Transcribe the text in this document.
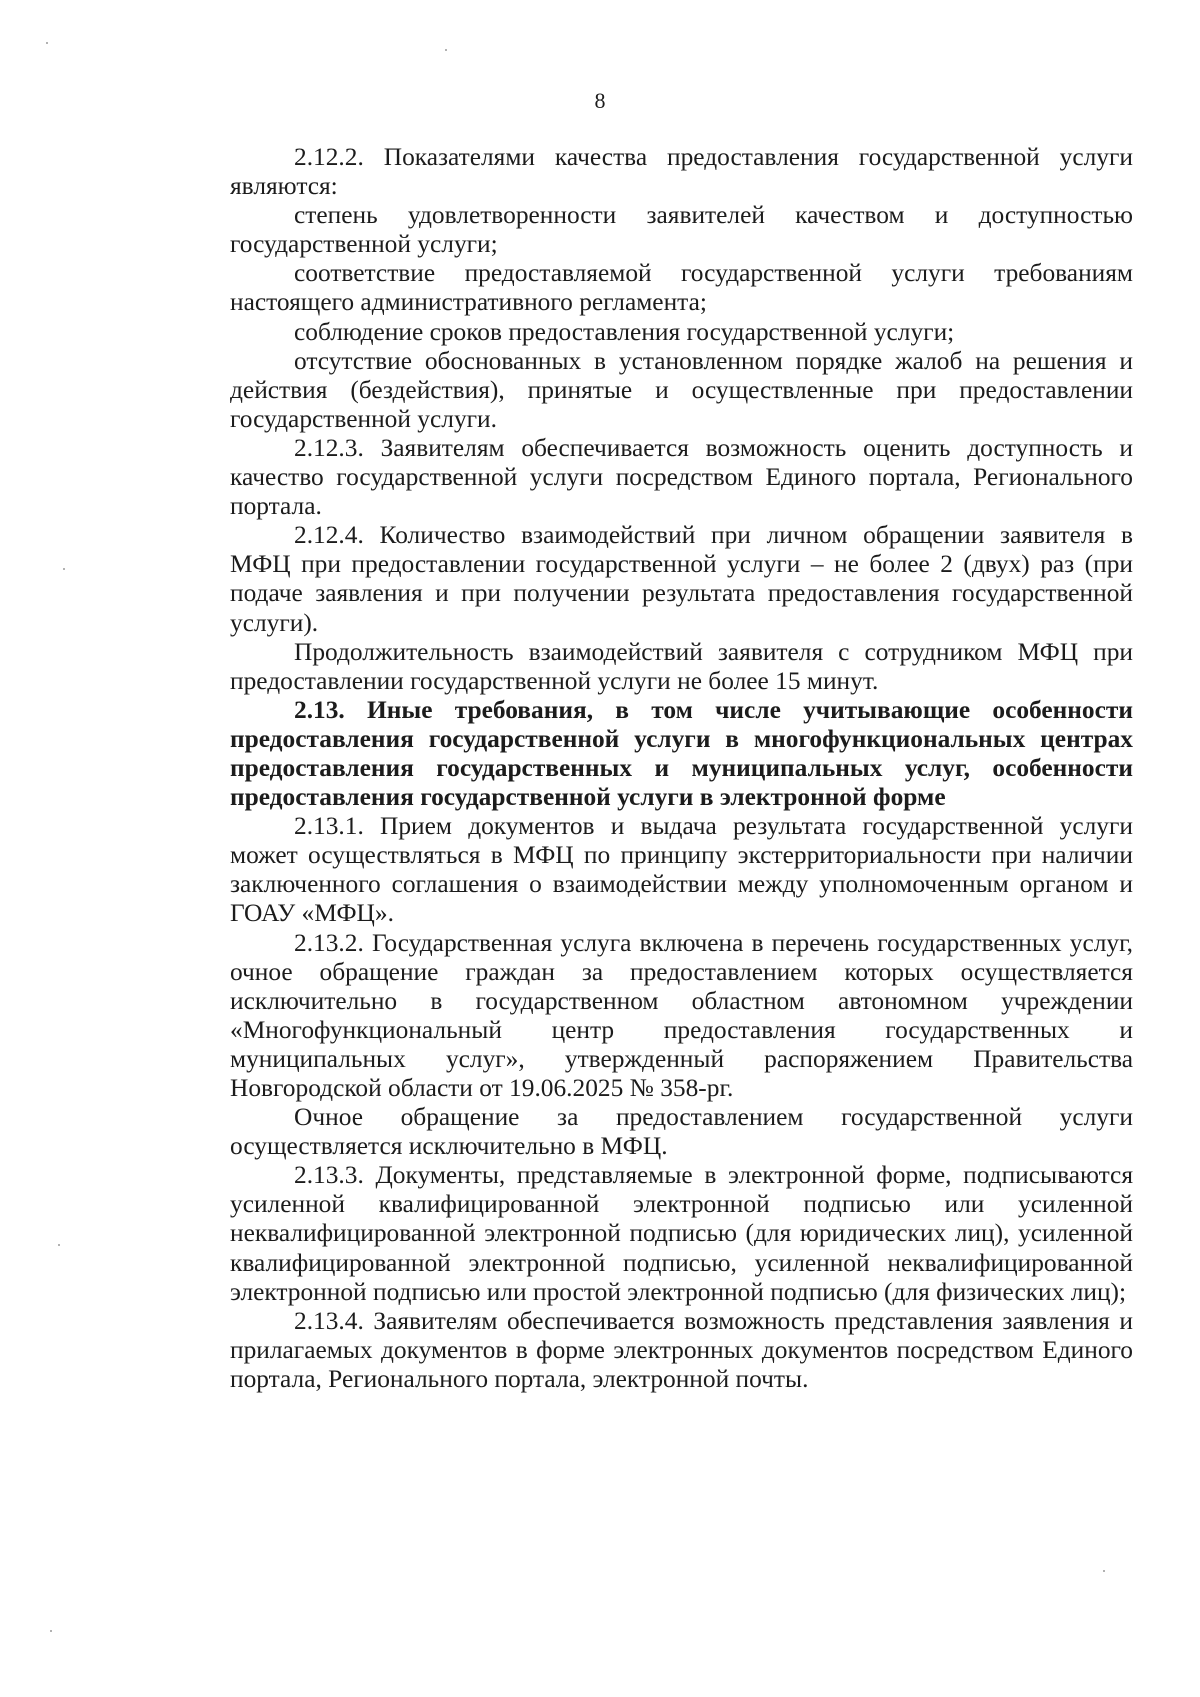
8

2.12.2. Показателями качества предоставления государственной услуги являются:

степень удовлетворенности заявителей качеством и доступностью государственной услуги;

соответствие предоставляемой государственной услуги требованиям настоящего административного регламента;

соблюдение сроков предоставления государственной услуги;

отсутствие обоснованных в установленном порядке жалоб на решения и действия (бездействия), принятые и осуществленные при предоставлении государственной услуги.

2.12.3. Заявителям обеспечивается возможность оценить доступность и качество государственной услуги посредством Единого портала, Регионального портала.

2.12.4. Количество взаимодействий при личном обращении заявителя в МФЦ при предоставлении государственной услуги – не более 2 (двух) раз (при подаче заявления и при получении результата предоставления государственной услуги).

Продолжительность взаимодействий заявителя с сотрудником МФЦ при предоставлении государственной услуги не более 15 минут.

2.13. Иные требования, в том числе учитывающие особенности предоставления государственной услуги в многофункциональных центрах предоставления государственных и муниципальных услуг, особенности предоставления государственной услуги в электронной форме

2.13.1. Прием документов и выдача результата государственной услуги может осуществляться в МФЦ по принципу экстерриториальности при наличии заключенного соглашения о взаимодействии между уполномоченным органом и ГОАУ «МФЦ».

2.13.2. Государственная услуга включена в перечень государственных услуг, очное обращение граждан за предоставлением которых осуществляется исключительно в государственном областном автономном учреждении «Многофункциональный центр предоставления государственных и муниципальных услуг», утвержденный распоряжением Правительства Новгородской области от 19.06.2025 № 358-рг.

Очное обращение за предоставлением государственной услуги осуществляется исключительно в МФЦ.

2.13.3. Документы, представляемые в электронной форме, подписываются усиленной квалифицированной электронной подписью или усиленной неквалифицированной электронной подписью (для юридических лиц), усиленной квалифицированной электронной подписью, усиленной неквалифицированной электронной подписью или простой электронной подписью (для физических лиц);

2.13.4. Заявителям обеспечивается возможность представления заявления и прилагаемых документов в форме электронных документов посредством Единого портала, Регионального портала, электронной почты.
